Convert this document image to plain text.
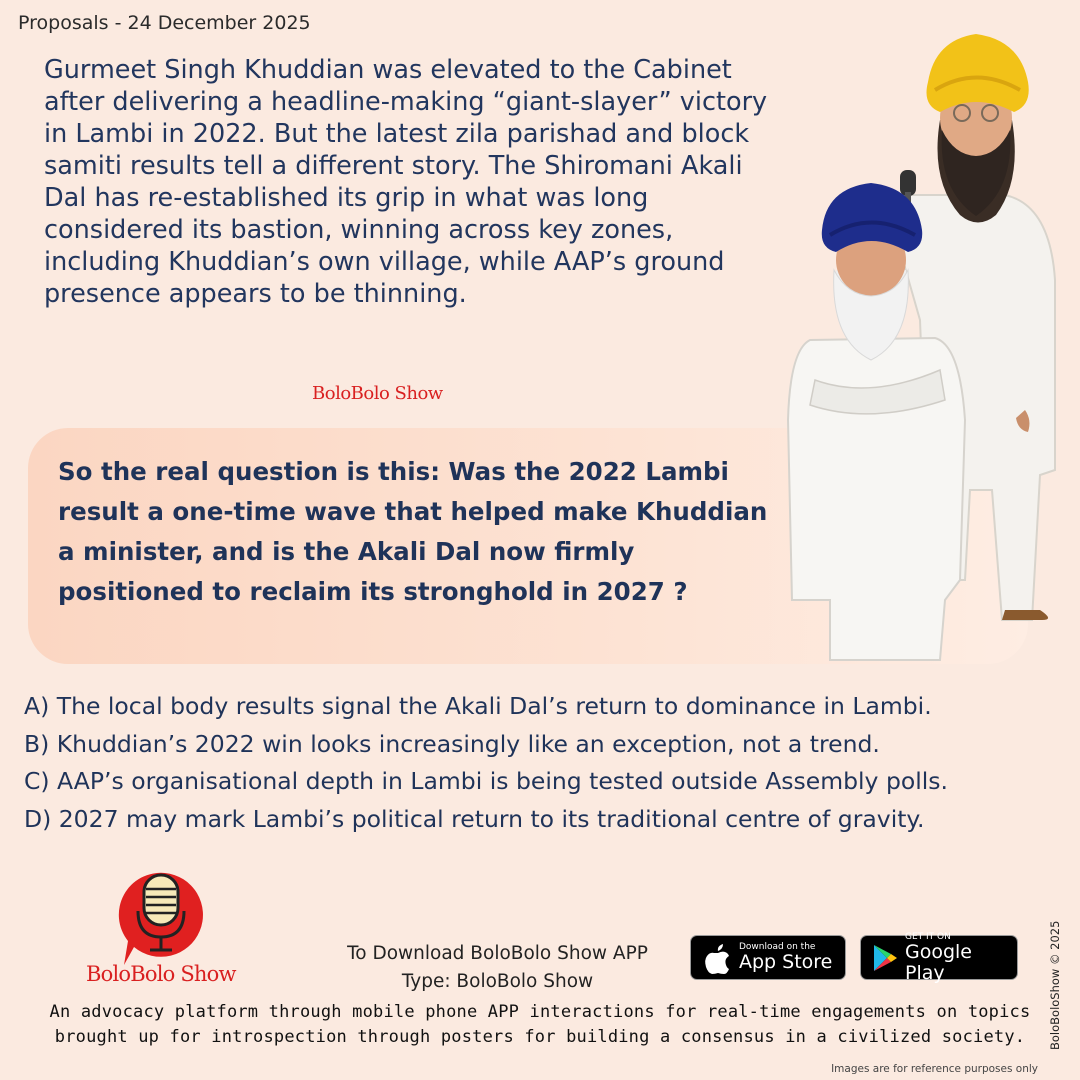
Proposals - 24 December 2025
Gurmeet Singh Khuddian was elevated to the Cabinet
after delivering a headline-making “giant-slayer” victory
in Lambi in 2022. But the latest zila parishad and block
samiti results tell a different story. The Shiromani Akali
Dal has re-established its grip in what was long
considered its bastion, winning across key zones,
including Khuddian’s own village, while AAP’s ground
presence appears to be thinning.
BoloBolo Show
So the real question is this: Was the 2022 Lambi
result a one-time wave that helped make Khuddian
a minister, and is the Akali Dal now firmly
positioned to reclaim its stronghold in 2027 ?
A) The local body results signal the Akali Dal’s return to dominance in Lambi.
B) Khuddian’s 2022 win looks increasingly like an exception, not a trend.
C) AAP’s organisational depth in Lambi is being tested outside Assembly polls.
D) 2027 may mark Lambi’s political return to its traditional centre of gravity.
BoloBolo Show
To Download BoloBolo Show APP
Type: BoloBolo Show
Download on the
App Store
GET IT ON
Google Play
An advocacy platform through mobile phone APP interactions for real-time engagements on topics
brought up for introspection through posters for building a consensus in a civilized society.	BoloBoloShow © 2025
Images are for reference purposes only
